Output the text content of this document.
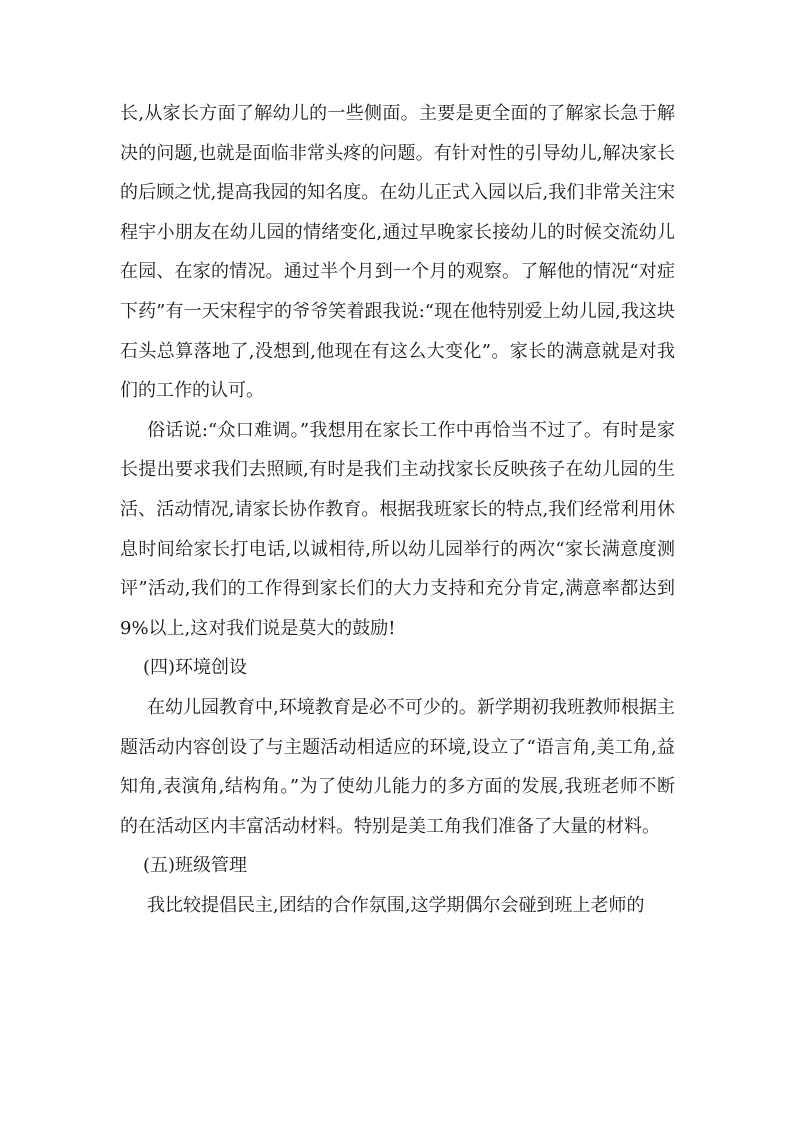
长,从家长方面了解幼儿的一些侧面。主要是更全面的了解家长急于解决的问题,也就是面临非常头疼的问题。有针对性的引导幼儿,解决家长的后顾之忧,提高我园的知名度。在幼儿正式入园以后,我们非常关注宋程宇小朋友在幼儿园的情绪变化,通过早晚家长接幼儿的时候交流幼儿在园、在家的情况。通过半个月到一个月的观察。了解他的情况“对症下药”有一天宋程宇的爷爷笑着跟我说:“现在他特别爱上幼儿园,我这块石头总算落地了,没想到,他现在有这么大变化”。家长的满意就是对我们的工作的认可。

俗话说:“众口难调。”我想用在家长工作中再恰当不过了。有时是家长提出要求我们去照顾,有时是我们主动找家长反映孩子在幼儿园的生活、活动情况,请家长协作教育。根据我班家长的特点,我们经常利用休息时间给家长打电话,以诚相待,所以幼儿园举行的两次“家长满意度测评”活动,我们的工作得到家长们的大力支持和充分肯定,满意率都达到9%以上,这对我们说是莫大的鼓励!

(四)环境创设

在幼儿园教育中,环境教育是必不可少的。新学期初我班教师根据主题活动内容创设了与主题活动相适应的环境,设立了“语言角,美工角,益知角,表演角,结构角。”为了使幼儿能力的多方面的发展,我班老师不断的在活动区内丰富活动材料。特别是美工角我们准备了大量的材料。

(五)班级管理

我比较提倡民主,团结的合作氛围,这学期偶尔会碰到班上老师的
